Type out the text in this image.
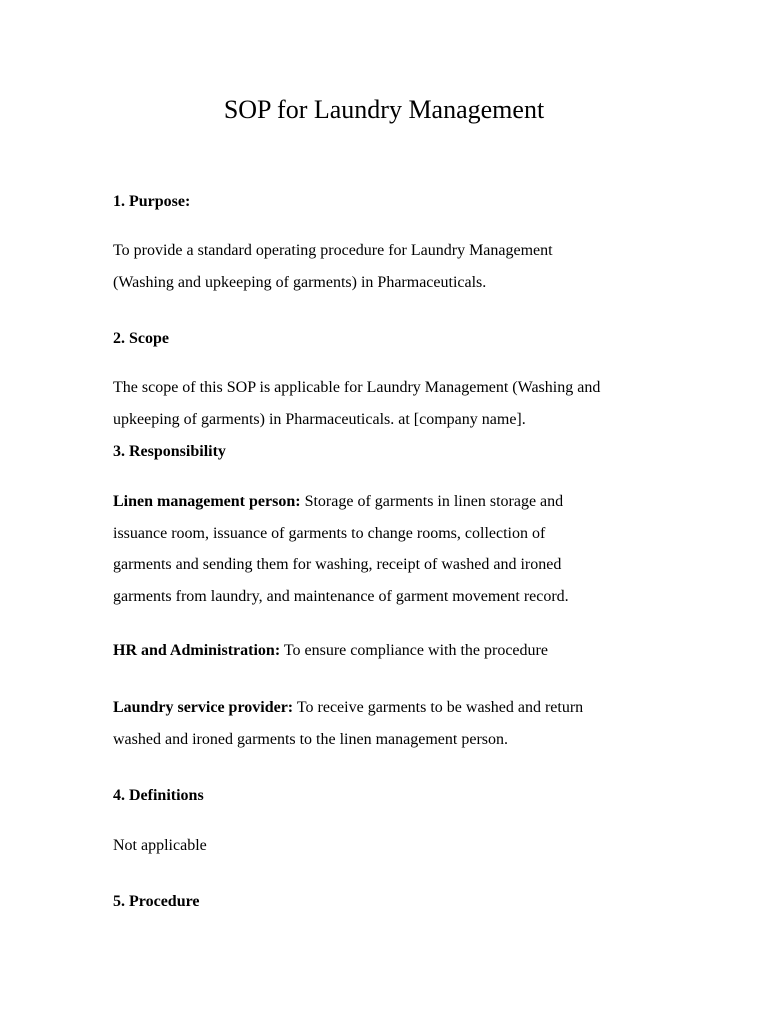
SOP for Laundry Management
1. Purpose:
To provide a standard operating procedure for Laundry Management
(Washing and upkeeping of garments) in Pharmaceuticals.
2. Scope
The scope of this SOP is applicable for Laundry Management (Washing and
upkeeping of garments) in Pharmaceuticals. at [company name].
3. Responsibility
Linen management person: Storage of garments in linen storage and
issuance room, issuance of garments to change rooms, collection of
garments and sending them for washing, receipt of washed and ironed
garments from laundry, and maintenance of garment movement record.
HR and Administration: To ensure compliance with the procedure
Laundry service provider: To receive garments to be washed and return
washed and ironed garments to the linen management person.
4. Definitions
Not applicable
5. Procedure
